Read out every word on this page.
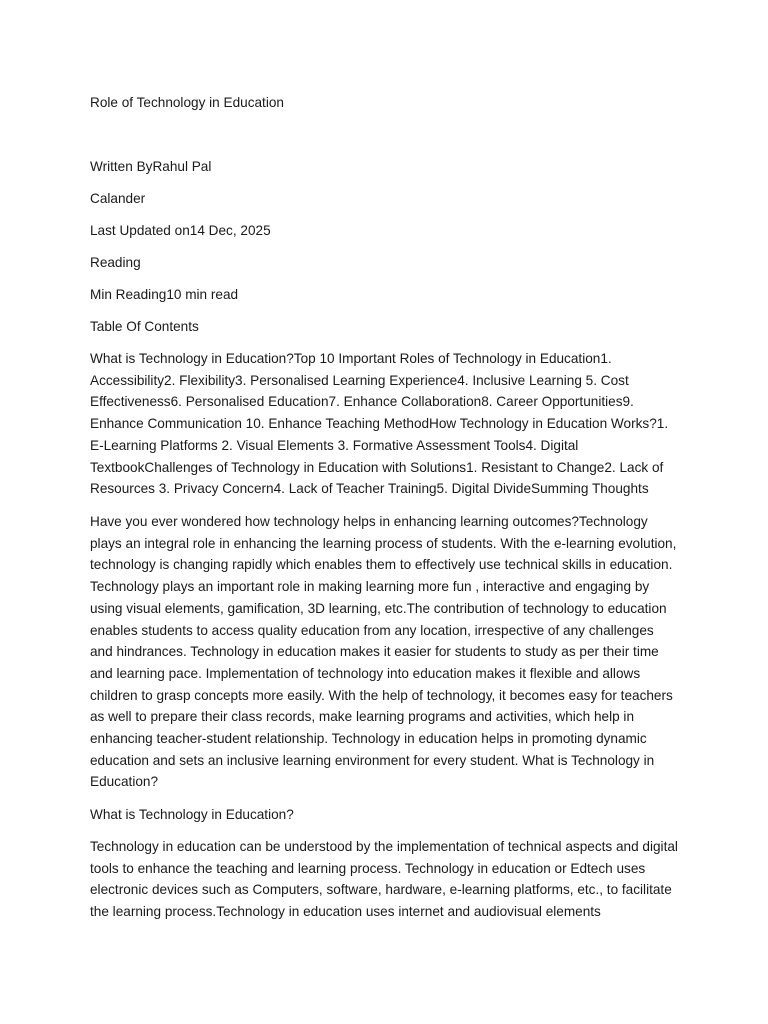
Role of Technology in Education

Written ByRahul Pal

Calander

Last Updated on14 Dec, 2025

Reading

Min Reading10 min read

Table Of Contents

What is Technology in Education?Top 10 Important Roles of Technology in Education1. Accessibility2. Flexibility3. Personalised Learning Experience4. Inclusive Learning 5. Cost Effectiveness6. Personalised Education7. Enhance Collaboration8. Career Opportunities9. Enhance Communication 10. Enhance Teaching MethodHow Technology in Education Works?1. E-Learning Platforms 2. Visual Elements 3. Formative Assessment Tools4. Digital TextbookChallenges of Technology in Education with Solutions1. Resistant to Change2. Lack of Resources 3. Privacy Concern4. Lack of Teacher Training5. Digital DivideSumming Thoughts

Have you ever wondered how technology helps in enhancing learning outcomes?Technology plays an integral role in enhancing the learning process of students. With the e-learning evolution, technology is changing rapidly which enables them to effectively use technical skills in education. Technology plays an important role in making learning more fun , interactive and engaging by using visual elements, gamification, 3D learning, etc.The contribution of technology to education enables students to access quality education from any location, irrespective of any challenges and hindrances. Technology in education makes it easier for students to study as per their time and learning pace. Implementation of technology into education makes it flexible and allows children to grasp concepts more easily. With the help of technology, it becomes easy for teachers as well to prepare their class records, make learning programs and activities, which help in enhancing teacher-student relationship. Technology in education helps in promoting dynamic education and sets an inclusive learning environment for every student. What is Technology in Education?

What is Technology in Education?

Technology in education can be understood by the implementation of technical aspects and digital tools to enhance the teaching and learning process. Technology in education or Edtech uses electronic devices such as Computers, software, hardware, e-learning platforms, etc., to facilitate the learning process.Technology in education uses internet and audiovisual elements
